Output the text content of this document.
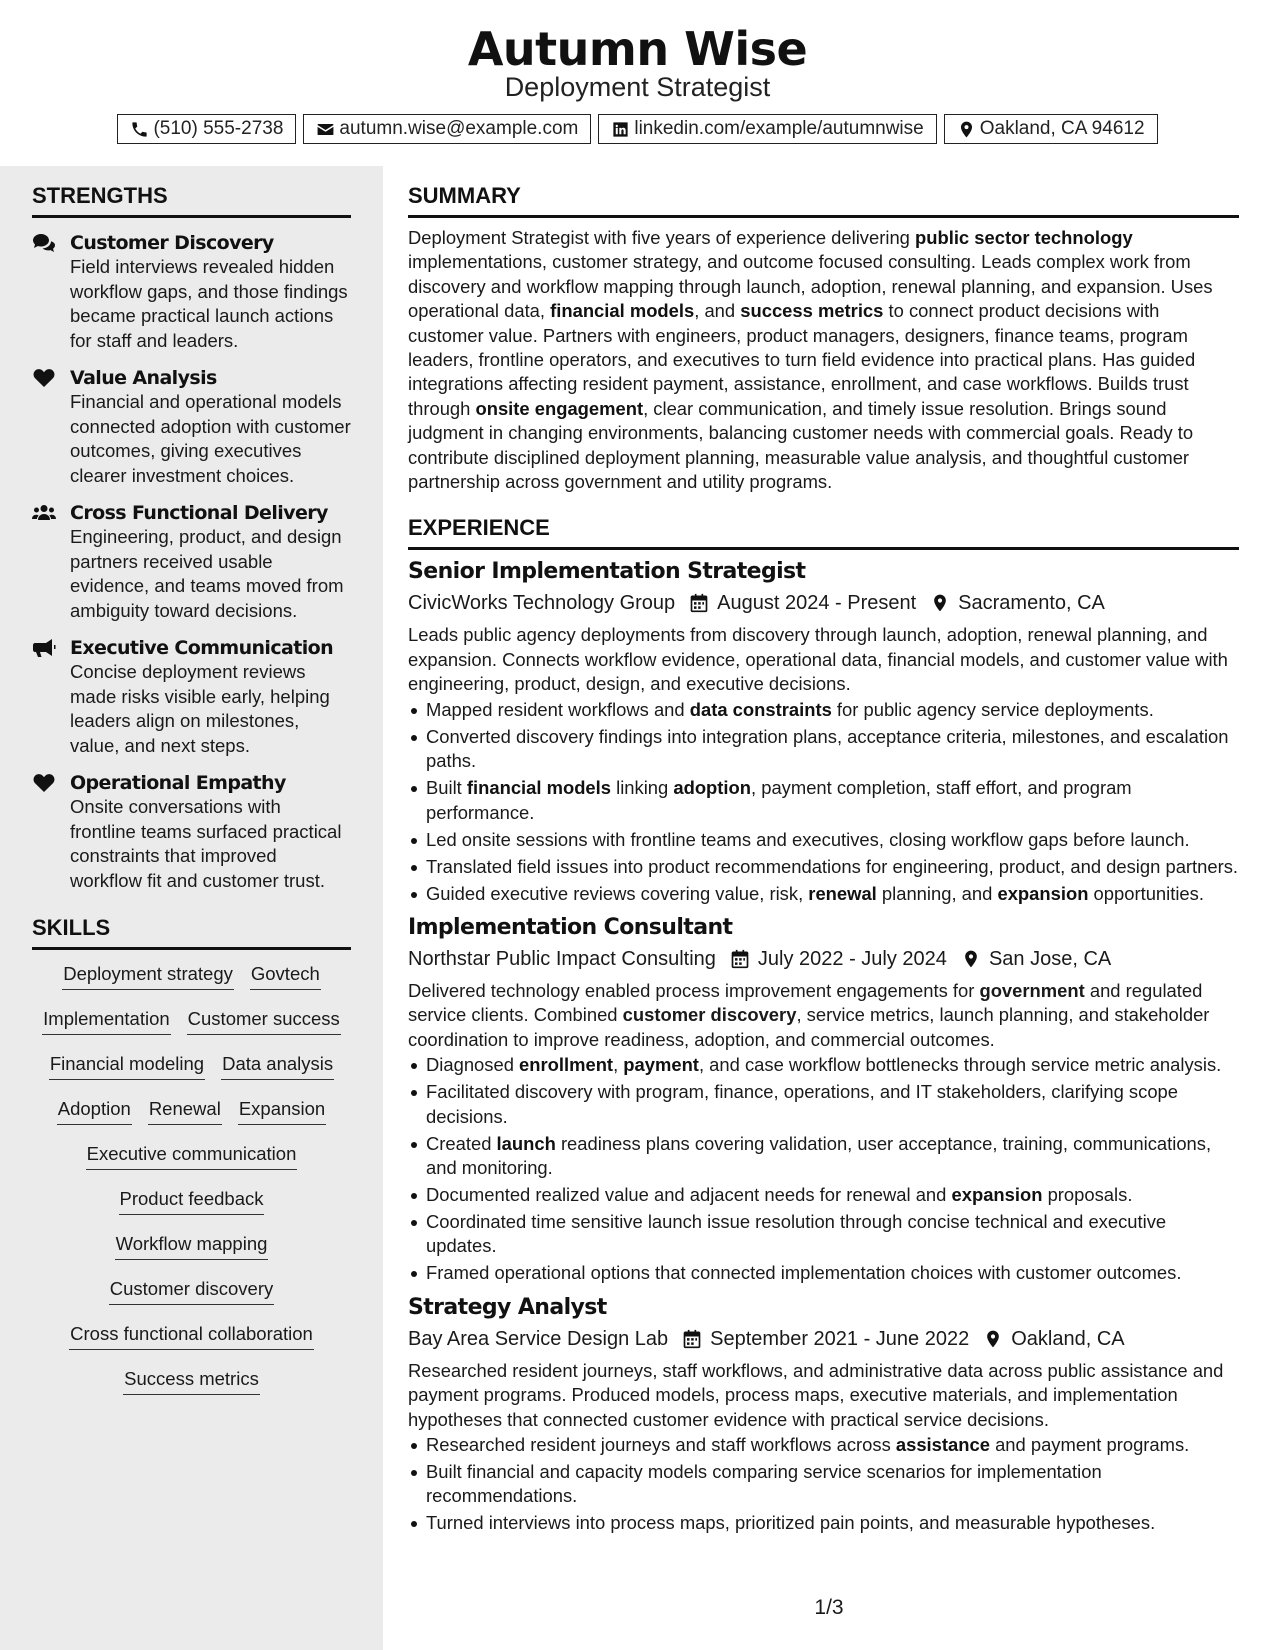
Autumn Wise
Deployment Strategist
(510) 555-2738	autumn.wise@example.com	linkedin.com/example/autumnwise	Oakland, CA 94612
STRENGTHS
Customer Discovery
Field interviews revealed hidden workflow gaps, and those findings became practical launch actions for staff and leaders.
Value Analysis
Financial and operational models connected adoption with customer outcomes, giving executives clearer investment choices.
Cross Functional Delivery
Engineering, product, and design partners received usable evidence, and teams moved from ambiguity toward decisions.
Executive Communication
Concise deployment reviews made risks visible early, helping leaders align on milestones, value, and next steps.
Operational Empathy
Onsite conversations with frontline teams surfaced practical constraints that improved workflow fit and customer trust.
SKILLS
Deployment strategy Govtech
Implementation Customer success
Financial modeling Data analysis
Adoption Renewal Expansion
Executive communication
Product feedback
Workflow mapping
Customer discovery
Cross functional collaboration
Success metrics
SUMMARY
Deployment Strategist with five years of experience delivering public sector technology implementations, customer strategy, and outcome focused consulting. Leads complex work from discovery and workflow mapping through launch, adoption, renewal planning, and expansion. Uses operational data, financial models, and success metrics to connect product decisions with customer value. Partners with engineers, product managers, designers, finance teams, program leaders, frontline operators, and executives to turn field evidence into practical plans. Has guided integrations affecting resident payment, assistance, enrollment, and case workflows. Builds trust through onsite engagement, clear communication, and timely issue resolution. Brings sound judgment in changing environments, balancing customer needs with commercial goals. Ready to contribute disciplined deployment planning, measurable value analysis, and thoughtful customer partnership across government and utility programs.
EXPERIENCE
Senior Implementation Strategist
CivicWorks Technology Group August 2024 - Present Sacramento, CA
Leads public agency deployments from discovery through launch, adoption, renewal planning, and expansion. Connects workflow evidence, operational data, financial models, and customer value with engineering, product, design, and executive decisions.
Mapped resident workflows and data constraints for public agency service deployments.
Converted discovery findings into integration plans, acceptance criteria, milestones, and escalation paths.
Built financial models linking adoption, payment completion, staff effort, and program performance.
Led onsite sessions with frontline teams and executives, closing workflow gaps before launch.
Translated field issues into product recommendations for engineering, product, and design partners.
Guided executive reviews covering value, risk, renewal planning, and expansion opportunities.
Implementation Consultant
Northstar Public Impact Consulting July 2022 - July 2024 San Jose, CA
Delivered technology enabled process improvement engagements for government and regulated service clients. Combined customer discovery, service metrics, launch planning, and stakeholder coordination to improve readiness, adoption, and commercial outcomes.
Diagnosed enrollment, payment, and case workflow bottlenecks through service metric analysis.
Facilitated discovery with program, finance, operations, and IT stakeholders, clarifying scope decisions.
Created launch readiness plans covering validation, user acceptance, training, communications, and monitoring.
Documented realized value and adjacent needs for renewal and expansion proposals.
Coordinated time sensitive launch issue resolution through concise technical and executive updates.
Framed operational options that connected implementation choices with customer outcomes.
Strategy Analyst
Bay Area Service Design Lab September 2021 - June 2022 Oakland, CA
Researched resident journeys, staff workflows, and administrative data across public assistance and payment programs. Produced models, process maps, executive materials, and implementation hypotheses that connected customer evidence with practical service decisions.
Researched resident journeys and staff workflows across assistance and payment programs.
Built financial and capacity models comparing service scenarios for implementation recommendations.
Turned interviews into process maps, prioritized pain points, and measurable hypotheses.
1/3
